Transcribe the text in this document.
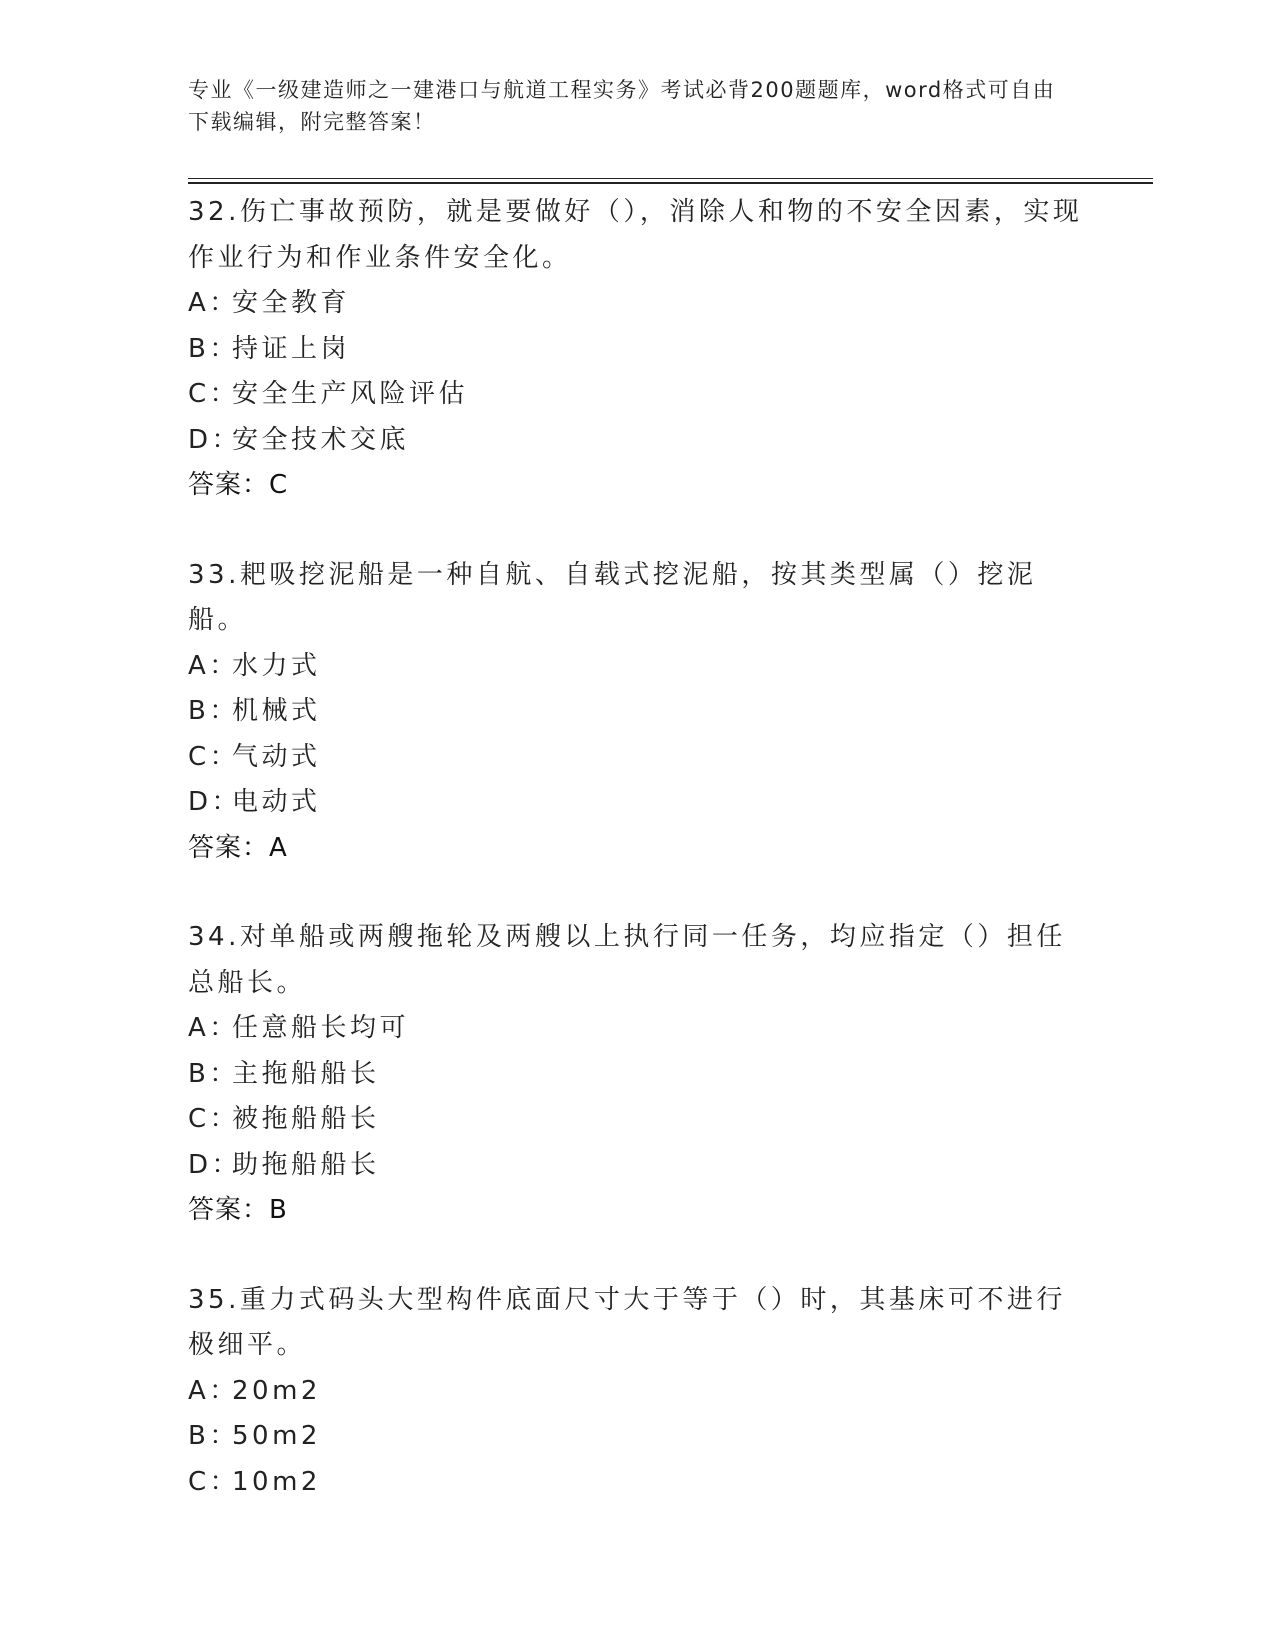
专业《一级建造师之一建港口与航道工程实务》考试必背200题题库，word格式可自由下载编辑，附完整答案！
32.伤亡事故预防，就是要做好（），消除人和物的不安全因素，实现作业行为和作业条件安全化。
A：安全教育
B：持证上岗
C：安全生产风险评估
D：安全技术交底
答案：C
33.耙吸挖泥船是一种自航、自载式挖泥船，按其类型属（）挖泥船。
A：水力式
B：机械式
C：气动式
D：电动式
答案：A
34.对单船或两艘拖轮及两艘以上执行同一任务，均应指定（）担任总船长。
A：任意船长均可
B：主拖船船长
C：被拖船船长
D：助拖船船长
答案：B
35.重力式码头大型构件底面尺寸大于等于（）时，其基床可不进行极细平。
A：20m2
B：50m2
C：10m2
